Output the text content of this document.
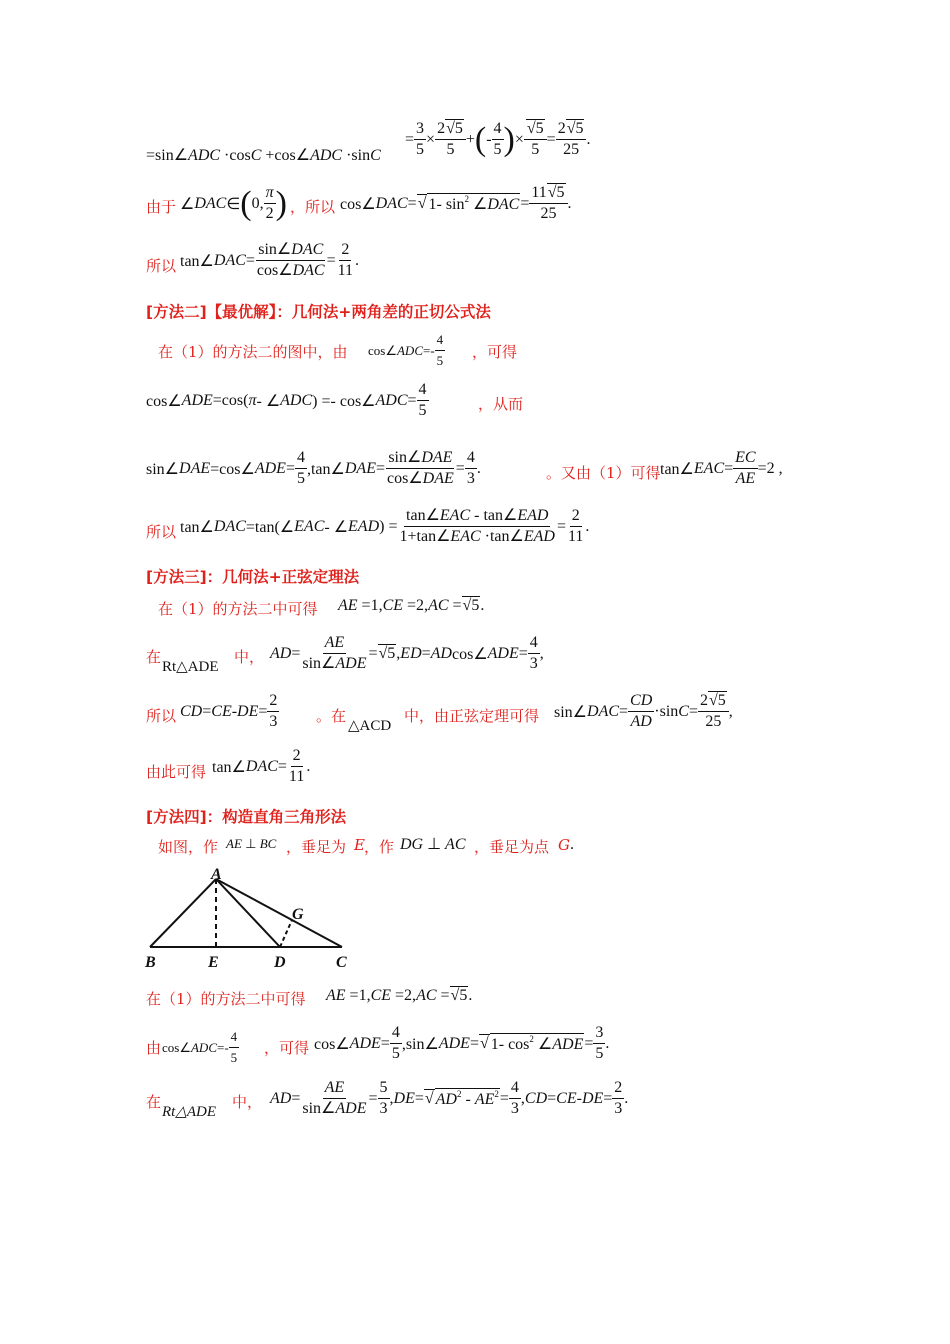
=sin∠ADC ·cosC +cos∠ADC ·sinC
=
3
5
×
2√5
5
+ ( -
4
5 ) ×
√5
5
=
2√5
25
.
由于 ∠ DAC ∈ ( 0,
π
2 ) ，所以 cos∠ DAC = √ 1- $\sin^2$ ∠DAC =
11√5
25
.
所以 tan∠ DAC =
sin∠DAC
cos∠DAC
=
2
11
.
[方法二]【最优解】：几何法+两角差的正切公式法
在（1）的方法二的图中，由 cos∠ ADC =-
4
5 ，可得
cos∠ ADE =cos( π - ∠ ADC ) =- cos∠ ADC =
4
5	，从而
sin∠ DAE =cos∠ ADE =
4
5
,tan∠ DAE =
sin∠DAE
cos∠DAE
=
4
3
.	。又由（1）可得 tan∠ EAC =
EC
AE
=2 ,
所以 tan∠ DAC =tan(∠ EAC - ∠ EAD ) =
tan∠EAC - tan∠EAD
1+tan∠EAC ·tan∠EAD
=
2
11
.
[方法三]：几何法+正弦定理法
在（1）的方法二中可得 AE =1,CE =2,AC =√5.
在
Rt△ADE
中， AD =
AE
sin∠ADE
= √5 , ED = AD cos∠ ADE =
4
3
,
所以 CD = CE - DE =
2
3	。在
△ACD
中，由正弦定理可得 sin∠ DAC =
CD
AD
·sin C =
2√5
25
,
由此可得 tan∠ DAC =
2
11
.
[方法四]：构造直角三角形法
如图，作 AE ⊥ BC ，垂足为 E ，作 DG ⊥ AC ，垂足为点 G .
A
B	E	D	C
G
在（1）的方法二中可得 AE =1,CE =2,AC =√5.
由 cos∠ ADC =-
4
5
，可得 cos∠ ADE =
4
5
,sin∠ ADE = √ 1- $\cos^2$ ∠ADE =
3
5
.
在
Rt△ADE
中， AD =
AE
sin∠ADE
=
5
3
, DE = √ $AD^2 - AE^2$ =
4
3
, CD = CE - DE =
2
3
.
